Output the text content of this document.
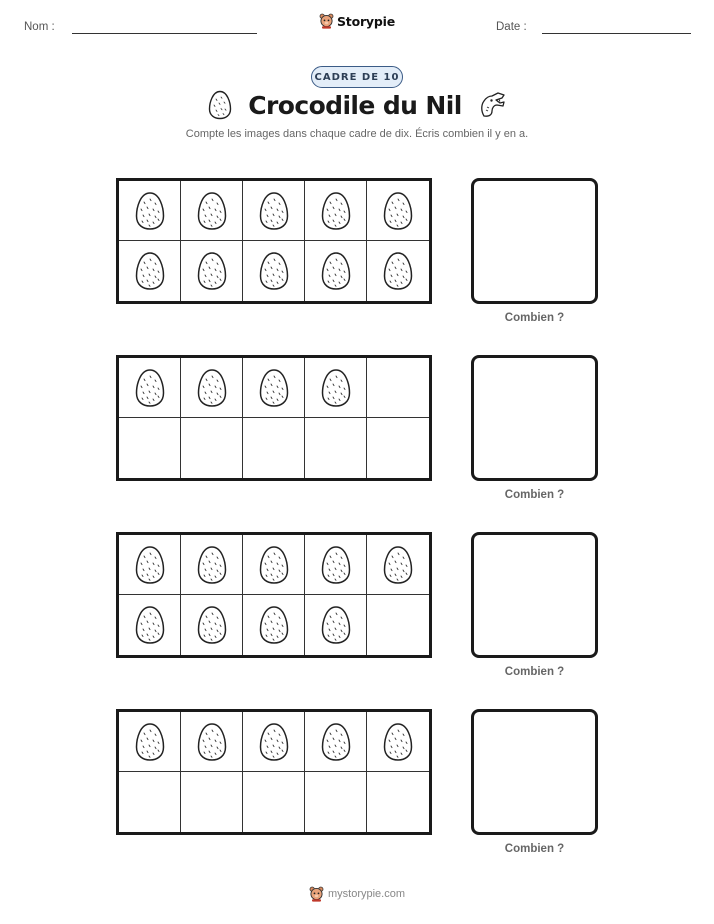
Nom :	Storypie	Date :
CADRE DE 10
Crocodile du Nil
Compte les images dans chaque cadre de dix. Écris combien il y en a.
Combien ?
Combien ?
Combien ?
Combien ?
mystorypie.com
